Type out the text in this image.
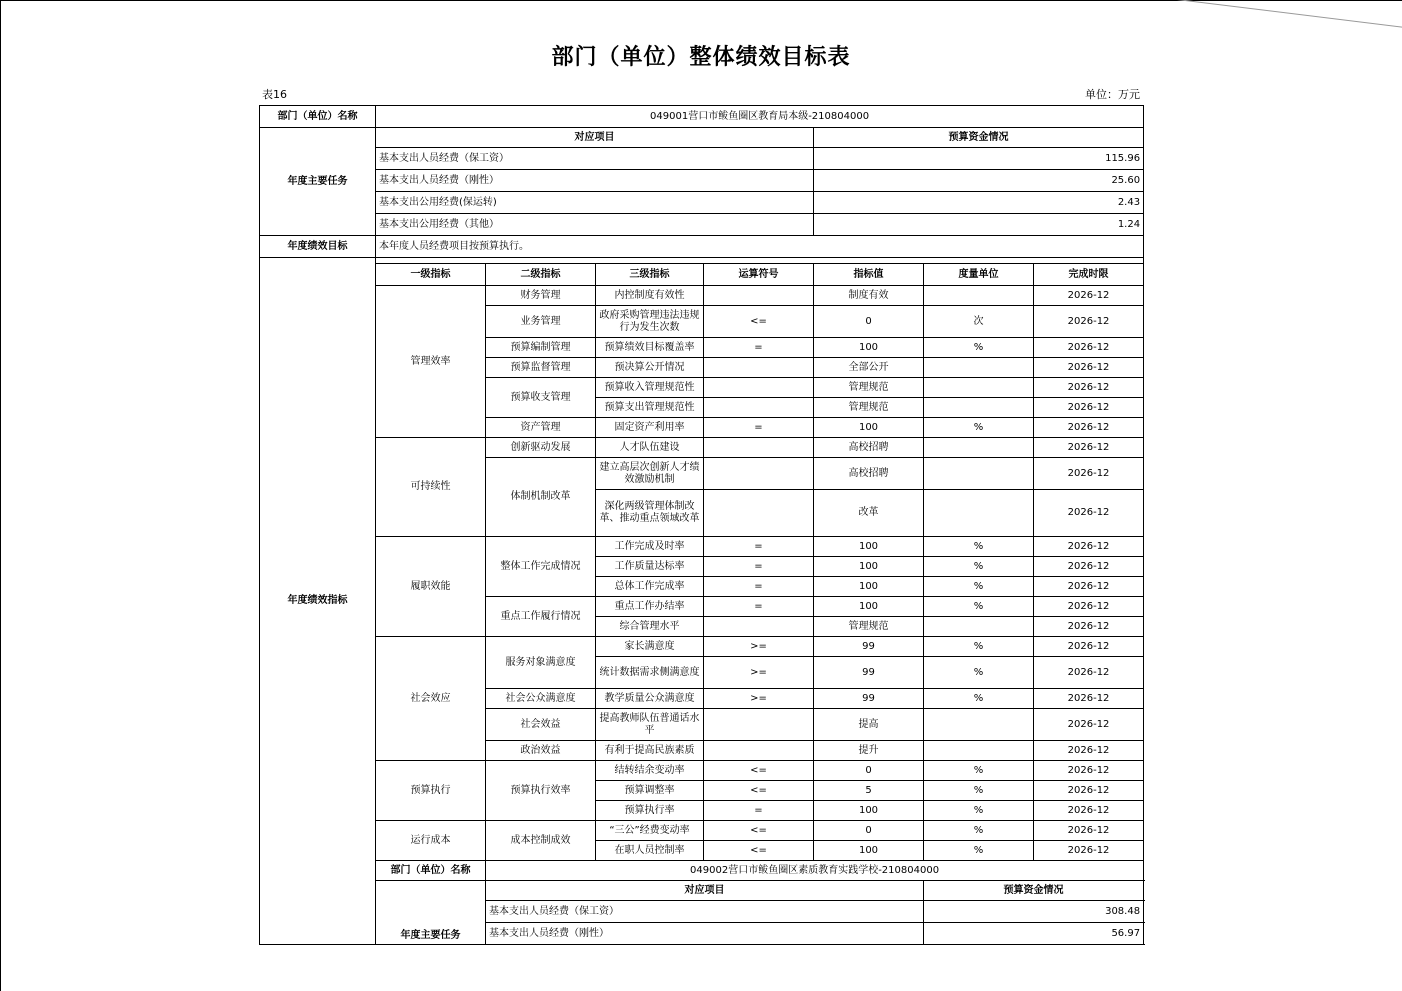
部门（单位）整体绩效目标表
表16	单位：万元
部门（单位）名称	049001营口市鲅鱼圈区教育局本级-210804000						
年度主要任务	对应项目				预算资金情况		
	基本支出人员经费（保工资）				115.96		
	基本支出人员经费（刚性）				25.60		
	基本支出公用经费(保运转)				2.43		
	基本支出公用经费（其他）				1.24		
年度绩效目标	本年度人员经费项目按预算执行。						
年度绩效指标							
	一级指标	二级指标	三级指标	运算符号	指标值	度量单位	完成时限
	管理效率	财务管理	内控制度有效性		制度有效		2026-12
		业务管理	政府采购管理违法违规行为发生次数	<=	0	次	2026-12
		预算编制管理	预算绩效目标覆盖率	=	100	%	2026-12
		预算监督管理	预决算公开情况		全部公开		2026-12
		预算收支管理	预算收入管理规范性		管理规范		2026-12
			预算支出管理规范性		管理规范		2026-12
		资产管理	固定资产利用率	=	100	%	2026-12
	可持续性	创新驱动发展	人才队伍建设		高校招聘		2026-12
		体制机制改革	建立高层次创新人才绩效激励机制		高校招聘		2026-12
			深化两级管理体制改革、推动重点领域改革		改革		2026-12
	履职效能	整体工作完成情况	工作完成及时率	=	100	%	2026-12
			工作质量达标率	=	100	%	2026-12
			总体工作完成率	=	100	%	2026-12
		重点工作履行情况	重点工作办结率	=	100	%	2026-12
			综合管理水平		管理规范		2026-12
	社会效应	服务对象满意度	家长满意度	>=	99	%	2026-12
			统计数据需求侧满意度	>=	99	%	2026-12
		社会公众满意度	教学质量公众满意度	>=	99	%	2026-12
		社会效益	提高教师队伍普通话水平		提高		2026-12
		政治效益	有利于提高民族素质		提升		2026-12
	预算执行	预算执行效率	结转结余变动率	<=	0	%	2026-12
			预算调整率	<=	5	%	2026-12
			预算执行率	=	100	%	2026-12
	运行成本	成本控制成效	“三公”经费变动率	<=	0	%	2026-12
			在职人员控制率	<=	100	%	2026-12
	部门（单位）名称	049002营口市鲅鱼圈区素质教育实践学校-210804000					
	年度主要任务	对应项目				预算资金情况	
		基本支出人员经费（保工资）				308.48	
		基本支出人员经费（刚性）				56.97	
